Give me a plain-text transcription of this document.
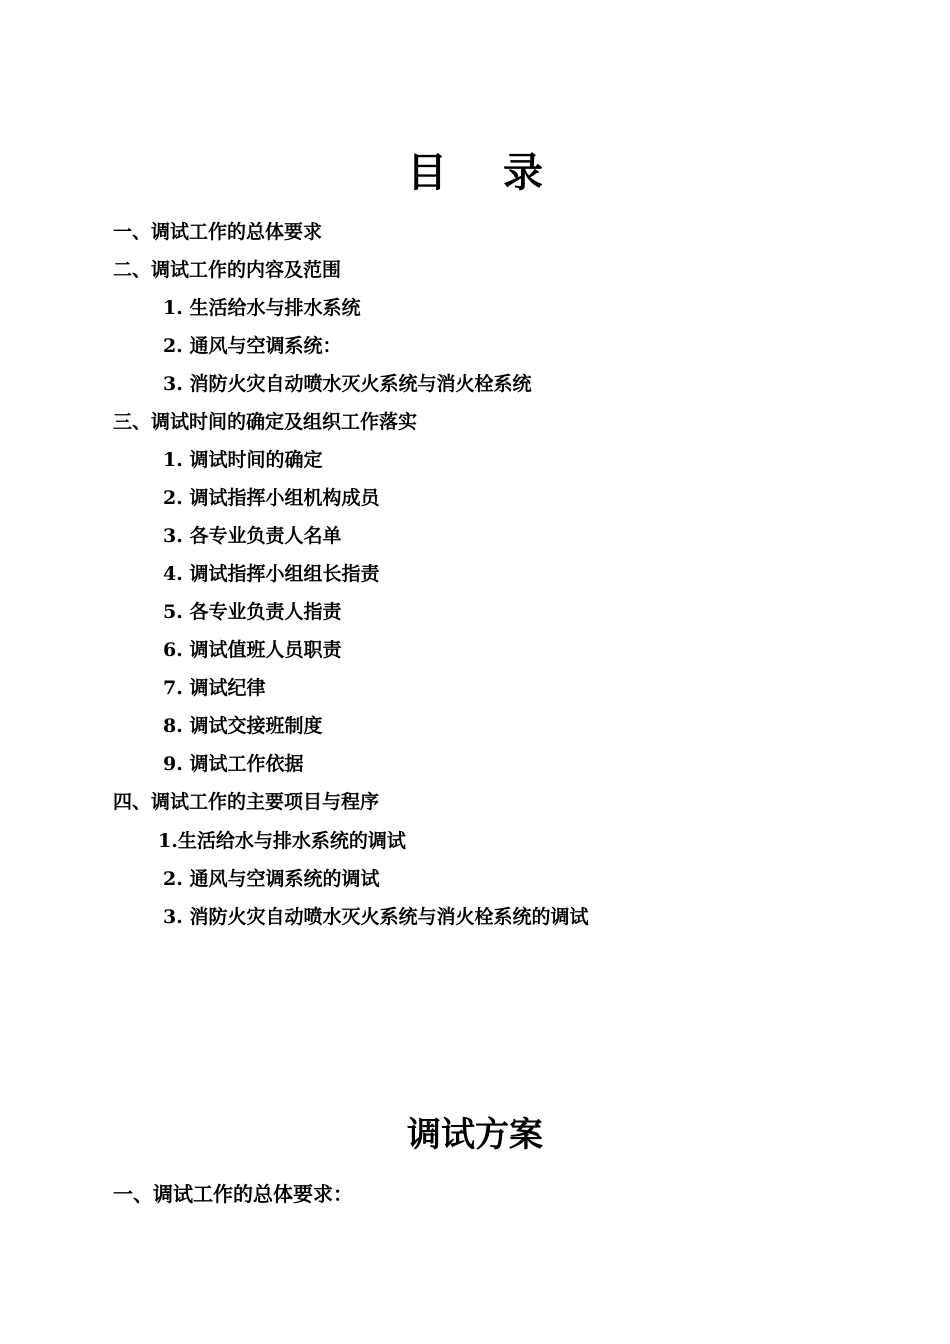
目录
一、调试工作的总体要求
二、调试工作的内容及范围
1. 生活给水与排水系统
2. 通风与空调系统：
3. 消防火灾自动喷水灭火系统与消火栓系统
三、调试时间的确定及组织工作落实
1. 调试时间的确定
2. 调试指挥小组机构成员
3. 各专业负责人名单
4. 调试指挥小组组长指责
5. 各专业负责人指责
6. 调试值班人员职责
7. 调试纪律
8. 调试交接班制度
9. 调试工作依据
四、调试工作的主要项目与程序
1.生活给水与排水系统的调试
2. 通风与空调系统的调试
3. 消防火灾自动喷水灭火系统与消火栓系统的调试
调试方案
一、调试工作的总体要求：
